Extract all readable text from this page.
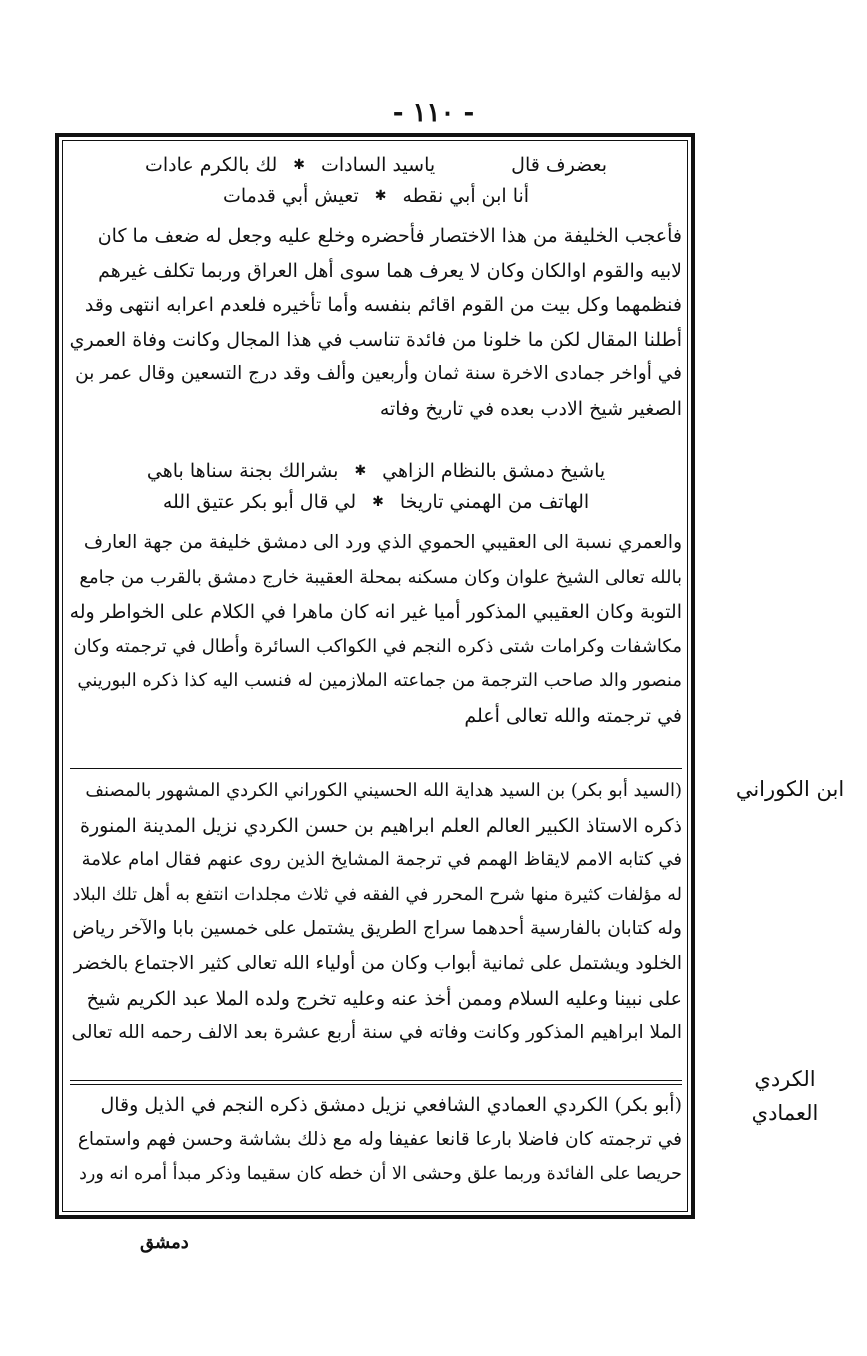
- ١١٠ -
بعضرف قال
ياسيد السادات
✱
لك بالكرم عادات
أنا ابن أبي نقطه
✱
تعيش أبي قدمات
فأعجب الخليفة من هذا الاختصار فأحضره وخلع عليه وجعل له ضعف ما كان
لابيه والقوم اوالكان وكان لا يعرف هما سوى أهل العراق وربما تكلف غيرهم
فنظمهما وكل بيت من القوم اقائم بنفسه وأما تأخيره فلعدم اعرابه انتهى وقد
أطلنا المقال لكن ما خلونا من فائدة تناسب في هذا المجال وكانت وفاة العمري
في أواخر جمادى الاخرة سنة ثمان وأربعين وألف وقد درج التسعين وقال عمر بن
الصغير شيخ الادب بعده في تاريخ وفاته
ياشيخ دمشق بالنظام الزاهي
✱
بشرالك بجنة سناها باهي
الهاتف من الهمني تاريخا
✱
لي قال أبو بكر عتيق الله
والعمري نسبة الى العقيبي الحموي الذي ورد الى دمشق خليفة من جهة العارف
بالله تعالى الشيخ علوان وكان مسكنه بمحلة العقيبة خارج دمشق بالقرب من جامع
التوبة وكان العقيبي المذكور أميا غير انه كان ماهرا في الكلام على الخواطر وله
مكاشفات وكرامات شتى ذكره النجم في الكواكب السائرة وأطال في ترجمته وكان
منصور والد صاحب الترجمة من جماعته الملازمين له فنسب اليه كذا ذكره البوريني
في ترجمته والله تعالى أعلم
ابن الكوراني
(السيد أبو بكر) بن السيد هداية الله الحسيني الكوراني الكردي المشهور بالمصنف
ذكره الاستاذ الكبير العالم العلم ابراهيم بن حسن الكردي نزيل المدينة المنورة
في كتابه الامم لايقاظ الهمم في ترجمة المشايخ الذين روى عنهم فقال امام علامة
له مؤلفات كثيرة منها شرح المحرر في الفقه في ثلاث مجلدات انتفع به أهل تلك البلاد
وله كتابان بالفارسية أحدهما سراج الطريق يشتمل على خمسين بابا والآخر رياض
الخلود ويشتمل على ثمانية أبواب وكان من أولياء الله تعالى كثير الاجتماع بالخضر
على نبينا وعليه السلام وممن أخذ عنه وعليه تخرج ولده الملا عبد الكريم شيخ
الملا ابراهيم المذكور وكانت وفاته في سنة أربع عشرة بعد الالف رحمه الله تعالى
الكردي
العمادي
(أبو بكر) الكردي العمادي الشافعي نزيل دمشق ذكره النجم في الذيل وقال
في ترجمته كان فاضلا بارعا قانعا عفيفا وله مع ذلك بشاشة وحسن فهم واستماع
حريصا على الفائدة وربما علق وحشى الا أن خطه كان سقيما وذكر مبدأ أمره انه ورد
دمشق
